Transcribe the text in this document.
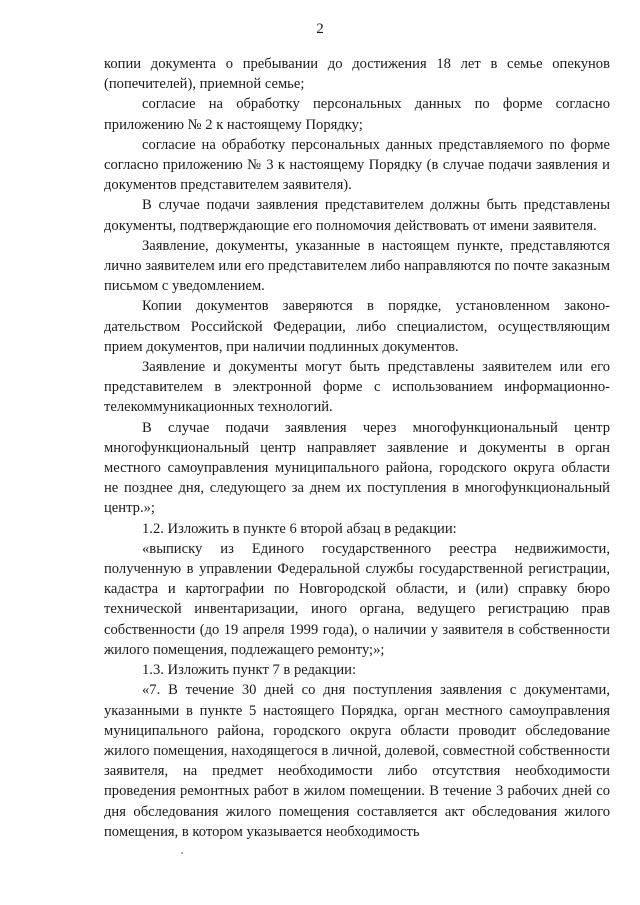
2

копии документа о пребывании до достижения 18 лет в семье опекунов (попечителей), приемной семье;

согласие на обработку персональных данных по форме согласно приложению № 2 к настоящему Порядку;

согласие на обработку персональных данных представляемого по форме согласно приложению № 3 к настоящему Порядку (в случае подачи заявления и документов представителем заявителя).

В случае подачи заявления представителем должны быть представлены документы, подтверждающие его полномочия действовать от имени заявителя.

Заявление, документы, указанные в настоящем пункте, представляются лично заявителем или его представителем либо направляются по почте заказным письмом с уведомлением.

Копии документов заверяются в порядке, установленном законодательством Российской Федерации, либо специалистом, осуществляющим прием документов, при наличии подлинных документов.

Заявление и документы могут быть представлены заявителем или его представителем в электронной форме с использованием информационно-телекоммуникационных технологий.

В случае подачи заявления через многофункциональный центр многофункциональный центр направляет заявление и документы в орган местного самоуправления муниципального района, городского округа области не позднее дня, следующего за днем их поступления в многофункциональный центр.»;

1.2. Изложить в пункте 6 второй абзац в редакции:

«выписку из Единого государственного реестра недвижимости, полученную в управлении Федеральной службы государственной регистрации, кадастра и картографии по Новгородской области, и (или) справку бюро технической инвентаризации, иного органа, ведущего регистрацию прав собственности (до 19 апреля 1999 года), о наличии у заявителя в собственности жилого помещения, подлежащего ремонту;»;

1.3. Изложить пункт 7 в редакции:

«7. В течение 30 дней со дня поступления заявления с документами, указанными в пункте 5 настоящего Порядка, орган местного самоуправления муниципального района, городского округа области проводит обследование жилого помещения, находящегося в личной, долевой, совместной собственности заявителя, на предмет необходимости либо отсутствия необходимости проведения ремонтных работ в жилом помещении. В течение 3 рабочих дней со дня обследования жилого помещения составляется акт обследования жилого помещения, в котором указывается необходимость
